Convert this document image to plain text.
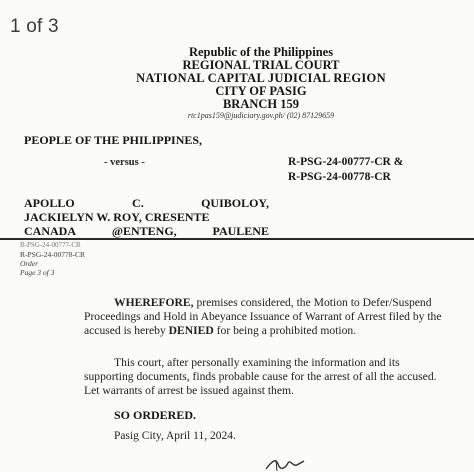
1 of 3
Republic of the Philippines
REGIONAL TRIAL COURT
NATIONAL CAPITAL JUDICIAL REGION
CITY OF PASIG
BRANCH 159
rtc1pas159@judiciary.gov.ph/ (02) 87129659
PEOPLE OF THE PHILIPPINES,
- versus -	R-PSG-24-00777-CR &
R-PSG-24-00778-CR
APOLLO	C.	QUIBOLOY,
JACKIELYN W. ROY, CRESENTE
CANADA	@ENTENG,	PAULENE
R-PSG-24-00777-CR
R-PSG-24-00778-CR
Order
Page 3 of 3
WHEREFORE, premises considered, the Motion to Defer/Suspend Proceedings and Hold in Abeyance Issuance of Warrant of Arrest filed by the accused is hereby DENIED for being a prohibited motion.
This court, after personally examining the information and its supporting documents, finds probable cause for the arrest of all the accused. Let warrants of arrest be issued against them.
SO ORDERED.
Pasig City, April 11, 2024.
